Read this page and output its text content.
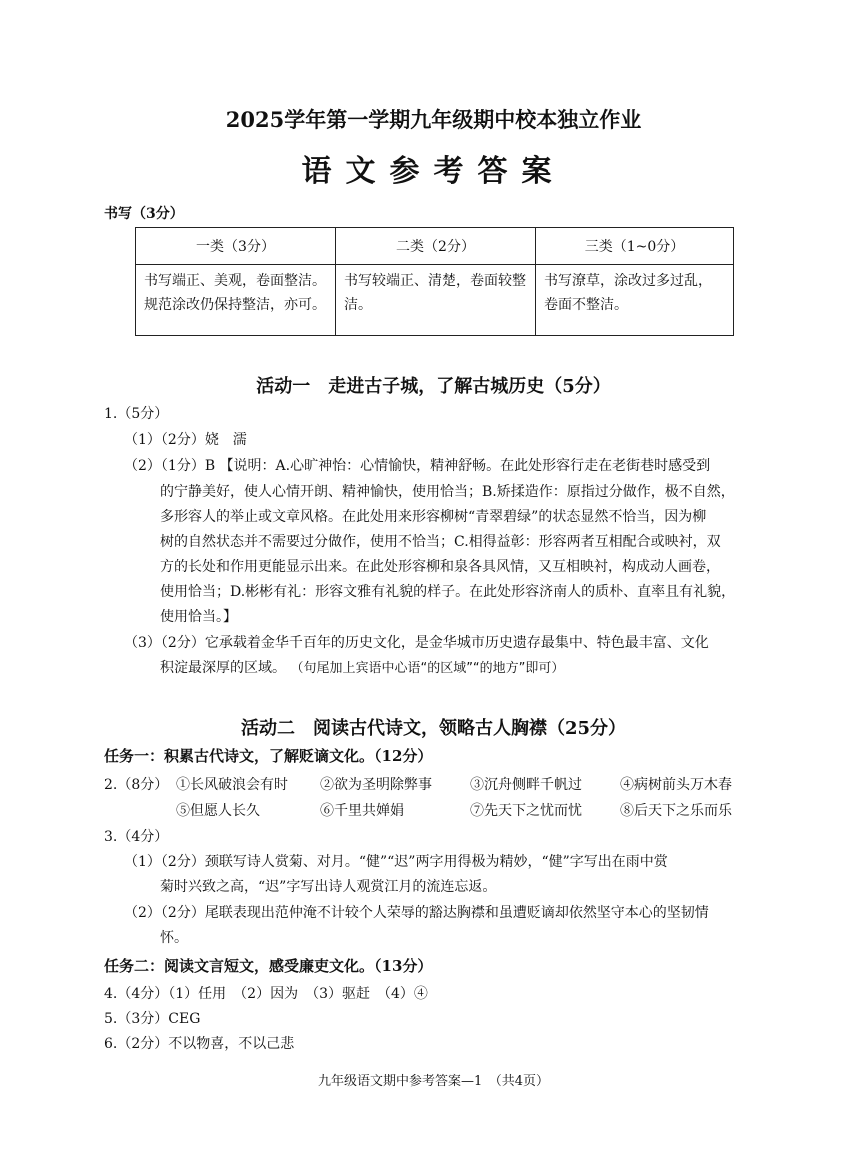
2025学年第一学期九年级期中校本独立作业
语文参考答案
书写（3分）
一类（3分）	二类（2分）	三类（1~0分）
书写端正、美观，卷面整洁。规范涂改仍保持整洁，亦可。	书写较端正、清楚，卷面较整洁。	书写潦草，涂改过多过乱，卷面不整洁。
活动一　走进古子城，了解古城历史（5分）
1.（5分）
（1）（2分）娆　濡
（2）（1分）B 【说明：A.心旷神怡：心情愉快，精神舒畅。在此处形容行走在老街巷时感受到
的宁静美好，使人心情开朗、精神愉快，使用恰当；B.矫揉造作：原指过分做作，极不自然，
多形容人的举止或文章风格。在此处用来形容柳树“青翠碧绿”的状态显然不恰当，因为柳
树的自然状态并不需要过分做作，使用不恰当；C.相得益彰：形容两者互相配合或映衬，双
方的长处和作用更能显示出来。在此处形容柳和泉各具风情，又互相映衬，构成动人画卷，
使用恰当；D.彬彬有礼：形容文雅有礼貌的样子。在此处形容济南人的质朴、直率且有礼貌，
使用恰当。】
（3）（2分）它承载着金华千百年的历史文化，是金华城市历史遗存最集中、特色最丰富、文化
积淀最深厚的区域。 （句尾加上宾语中心语“的区域”“的地方”即可）
活动二　阅读古代诗文，领略古人胸襟（25分）
任务一：积累古代诗文，了解贬谪文化。（12分）
2.（8分） ①长风破浪会有时 ②欲为圣明除弊事	③沉舟侧畔千帆过	④病树前头万木春
⑤但愿人长久	⑥千里共婵娟	⑦先天下之忧而忧	⑧后天下之乐而乐
3.（4分）
（1）（2分）颈联写诗人赏菊、对月。“健”“迟”两字用得极为精妙，“健”字写出在雨中赏
菊时兴致之高，“迟”字写出诗人观赏江月的流连忘返。
（2）（2分）尾联表现出范仲淹不计较个人荣辱的豁达胸襟和虽遭贬谪却依然坚守本心的坚韧情
怀。
任务二：阅读文言短文，感受廉吏文化。（13分）
4.（4分）（1）任用　（2）因为　（3）驱赶　（4）④
5.（3分）CEG
6.（2分）不以物喜，不以己悲
九年级语文期中参考答案—1　（共4页）
